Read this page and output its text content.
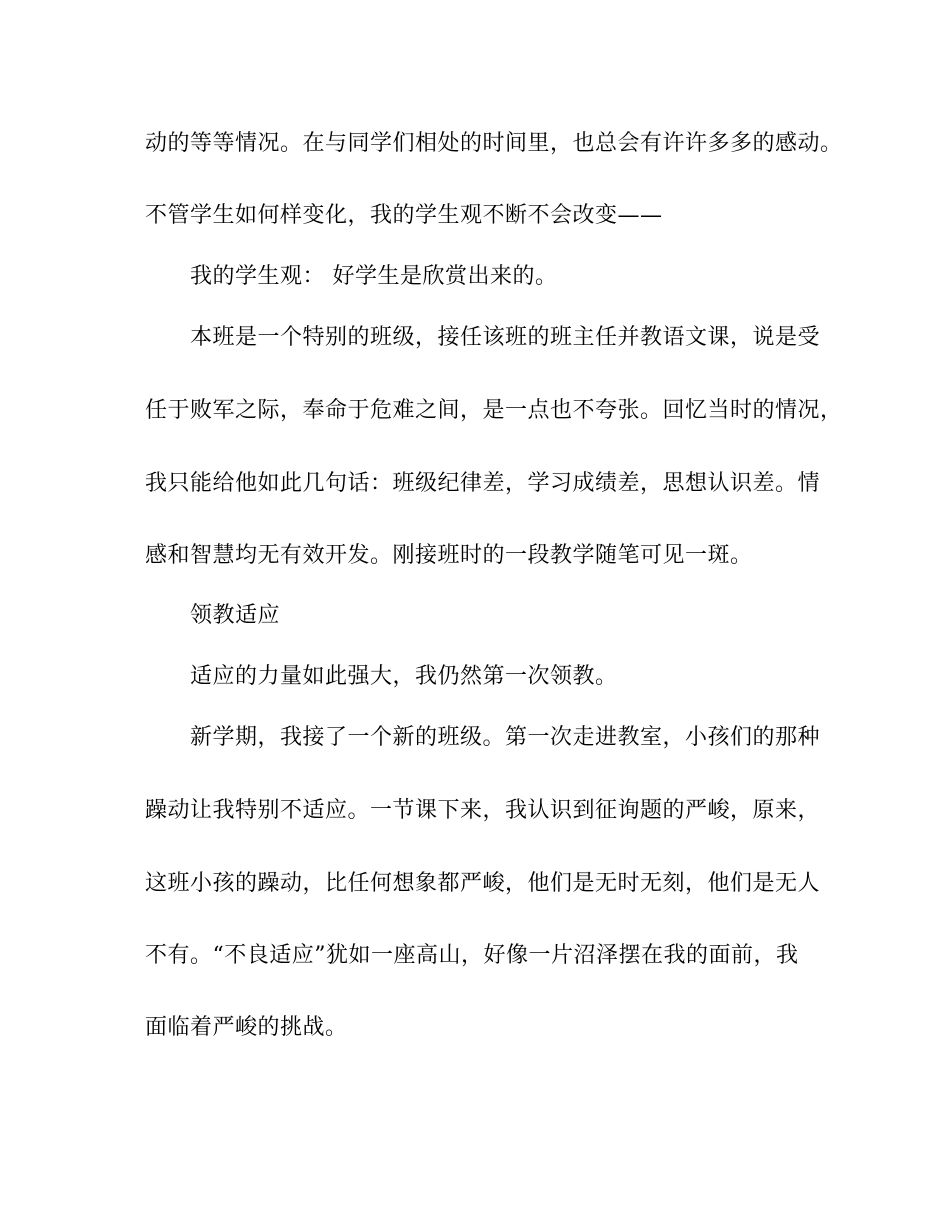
动的等等情况。在与同学们相处的时间里，也总会有许许多多的感动。
不管学生如何样变化，我的学生观不断不会改变——
我的学生观： 好学生是欣赏出来的。
本班是一个特别的班级，接任该班的班主任并教语文课，说是受
任于败军之际，奉命于危难之间，是一点也不夸张。回忆当时的情况，
我只能给他如此几句话：班级纪律差，学习成绩差，思想认识差。情
感和智慧均无有效开发。刚接班时的一段教学随笔可见一斑。
领教适应
适应的力量如此强大，我仍然第一次领教。
新学期，我接了一个新的班级。第一次走进教室，小孩们的那种
躁动让我特别不适应。一节课下来，我认识到征询题的严峻，原来，
这班小孩的躁动，比任何想象都严峻，他们是无时无刻，他们是无人
不有。“不良适应”犹如一座高山，好像一片沼泽摆在我的面前，我
面临着严峻的挑战。
